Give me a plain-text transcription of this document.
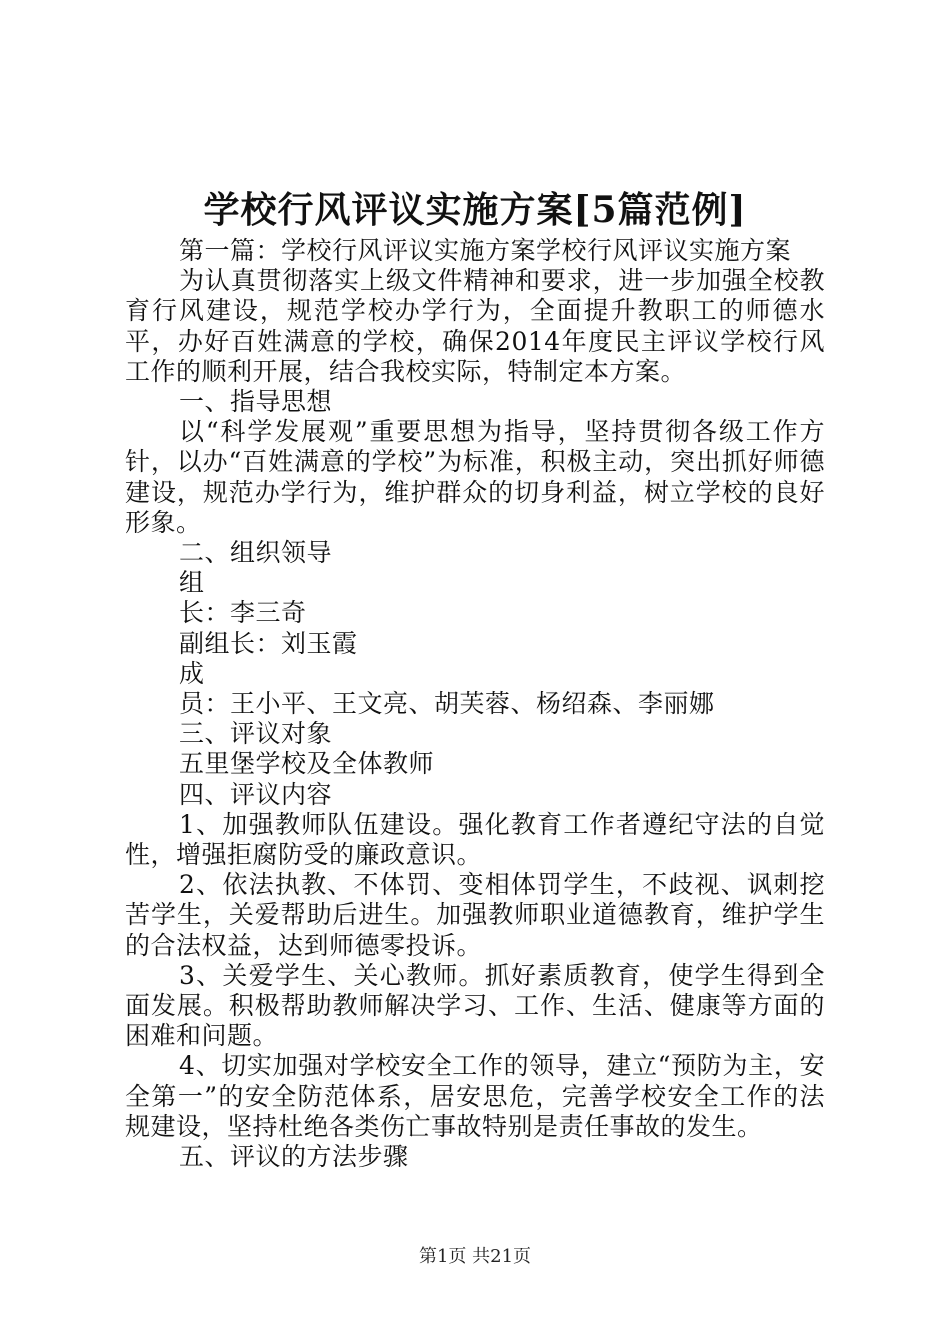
学校行风评议实施方案[5篇范例]

第一篇：学校行风评议实施方案学校行风评议实施方案

为认真贯彻落实上级文件精神和要求，进一步加强全校教育行风建设，规范学校办学行为，全面提升教职工的师德水平，办好百姓满意的学校，确保2014年度民主评议学校行风工作的顺利开展，结合我校实际，特制定本方案。

一、指导思想

以“科学发展观”重要思想为指导，坚持贯彻各级工作方针，以办“百姓满意的学校”为标准，积极主动，突出抓好师德建设，规范办学行为，维护群众的切身利益，树立学校的良好形象。

二、组织领导

组

长：李三奇

副组长：刘玉霞

成

员：王小平、王文亮、胡芙蓉、杨绍森、李丽娜

三、评议对象

五里堡学校及全体教师

四、评议内容

1、加强教师队伍建设。强化教育工作者遵纪守法的自觉性，增强拒腐防受的廉政意识。

2、依法执教、不体罚、变相体罚学生，不歧视、讽刺挖苦学生，关爱帮助后进生。加强教师职业道德教育，维护学生的合法权益，达到师德零投诉。

3、关爱学生、关心教师。抓好素质教育，使学生得到全面发展。积极帮助教师解决学习、工作、生活、健康等方面的困难和问题。

4、切实加强对学校安全工作的领导，建立“预防为主，安全第一”的安全防范体系，居安思危，完善学校安全工作的法规建设，坚持杜绝各类伤亡事故特别是责任事故的发生。

五、评议的方法步骤

第1页 共21页
